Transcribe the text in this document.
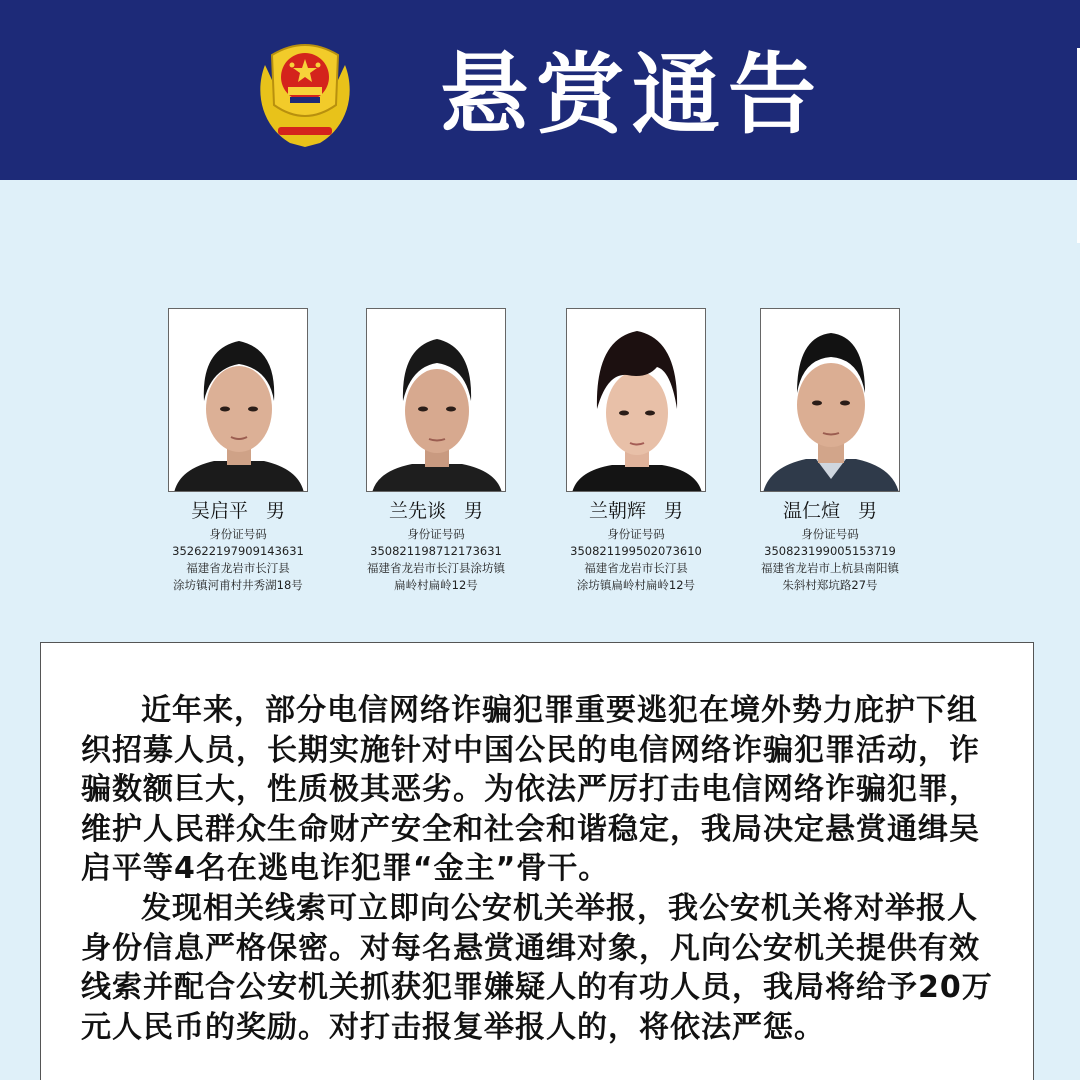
悬赏通告
吴启平 男
身份证号码
352622197909143631
福建省龙岩市长汀县
涂坊镇河甫村井秀湖18号
兰先谈 男
身份证号码
350821198712173631
福建省龙岩市长汀县涂坊镇
扁岭村扁岭12号
兰朝辉 男
身份证号码
350821199502073610
福建省龙岩市长汀县
涂坊镇扁岭村扁岭12号
温仁煊 男
身份证号码
350823199005153719
福建省龙岩市上杭县南阳镇
朱斜村郑坑路27号

近年来，部分电信网络诈骗犯罪重要逃犯在境外势力庇护下组织招募人员，长期实施针对中国公民的电信网络诈骗犯罪活动，诈骗数额巨大，性质极其恶劣。为依法严厉打击电信网络诈骗犯罪，维护人民群众生命财产安全和社会和谐稳定，我局决定悬赏通缉吴启平等4名在逃电诈犯罪“金主”骨干。

发现相关线索可立即向公安机关举报，我公安机关将对举报人身份信息严格保密。对每名悬赏通缉对象，凡向公安机关提供有效线索并配合公安机关抓获犯罪嫌疑人的有功人员，我局将给予20万元人民币的奖励。对打击报复举报人的，将依法严惩。
